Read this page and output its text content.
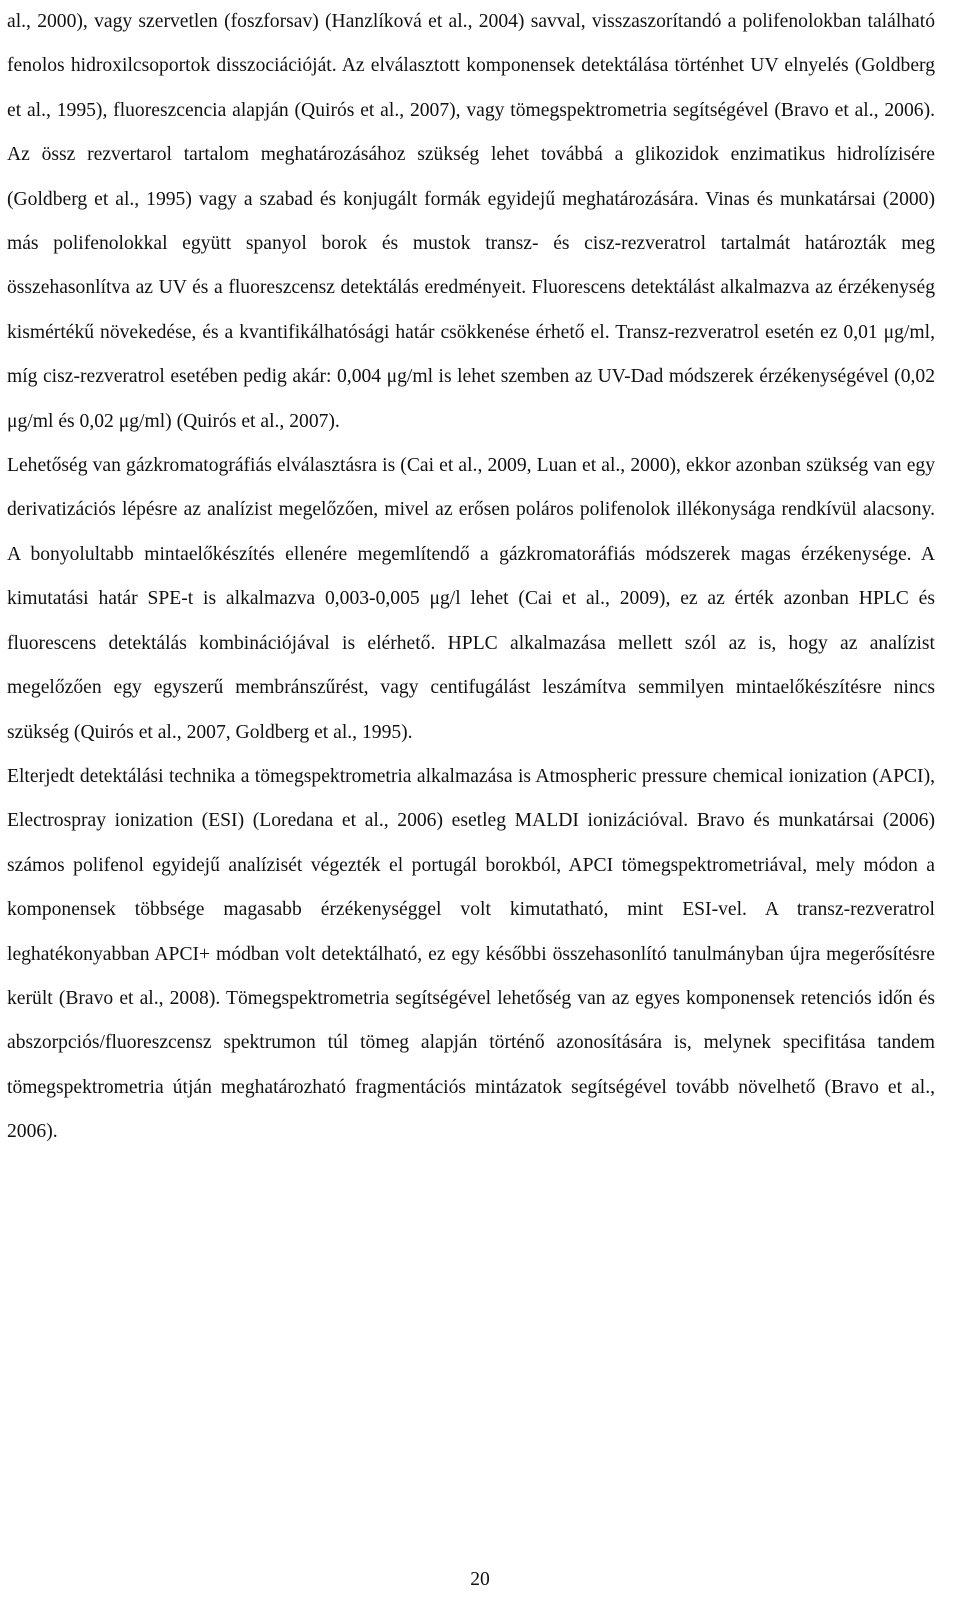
al., 2000), vagy szervetlen (foszforsav) (Hanzlíková et al., 2004) savval, visszaszorítandó a polifenolokban található fenolos hidroxilcsoportok disszociációját. Az elválasztott komponensek detektálása történhet UV elnyelés (Goldberg et al., 1995), fluoreszcencia alapján (Quirós et al., 2007), vagy tömegspektrometria segítségével (Bravo et al., 2006). Az össz rezvertarol tartalom meghatározásához szükség lehet továbbá a glikozidok enzimatikus hidrolízisére (Goldberg et al., 1995) vagy a szabad és konjugált formák egyidejű meghatározására. Vinas és munkatársai (2000) más polifenolokkal együtt spanyol borok és mustok transz- és cisz-rezveratrol tartalmát határozták meg összehasonlítva az UV és a fluoreszcensz detektálás eredményeit. Fluorescens detektálást alkalmazva az érzékenység kismértékű növekedése, és a kvantifikálhatósági határ csökkenése érhető el. Transz-rezveratrol esetén ez 0,01 μg/ml, míg cisz-rezveratrol esetében pedig akár: 0,004 μg/ml is lehet szemben az UV-Dad módszerek érzékenységével (0,02 μg/ml és 0,02 μg/ml) (Quirós et al., 2007).

Lehetőség van gázkromatográfiás elválasztásra is (Cai et al., 2009, Luan et al., 2000), ekkor azonban szükség van egy derivatizációs lépésre az analízist megelőzően, mivel az erősen poláros polifenolok illékonysága rendkívül alacsony. A bonyolultabb mintaelőkészítés ellenére megemlítendő a gázkromatoráfiás módszerek magas érzékenysége. A kimutatási határ SPE-t is alkalmazva 0,003-0,005 μg/l lehet (Cai et al., 2009), ez az érték azonban HPLC és fluorescens detektálás kombinációjával is elérhető. HPLC alkalmazása mellett szól az is, hogy az analízist megelőzően egy egyszerű membránszűrést, vagy centifugálást leszámítva semmilyen mintaelőkészítésre nincs szükség (Quirós et al., 2007, Goldberg et al., 1995).

Elterjedt detektálási technika a tömegspektrometria alkalmazása is Atmospheric pressure chemical ionization (APCI), Electrospray ionization (ESI) (Loredana et al., 2006) esetleg MALDI ionizációval. Bravo és munkatársai (2006) számos polifenol egyidejű analízisét végezték el portugál borokból, APCI tömegspektrometriával, mely módon a komponensek többsége magasabb érzékenységgel volt kimutatható, mint ESI-vel. A transz-rezveratrol leghatékonyabban APCI+ módban volt detektálható, ez egy későbbi összehasonlító tanulmányban újra megerősítésre került (Bravo et al., 2008). Tömegspektrometria segítségével lehetőség van az egyes komponensek retenciós időn és abszorpciós/fluoreszcensz spektrumon túl tömeg alapján történő azonosítására is, melynek specifitása tandem tömegspektrometria útján meghatározható fragmentációs mintázatok segítségével tovább növelhető (Bravo et al., 2006).

20
